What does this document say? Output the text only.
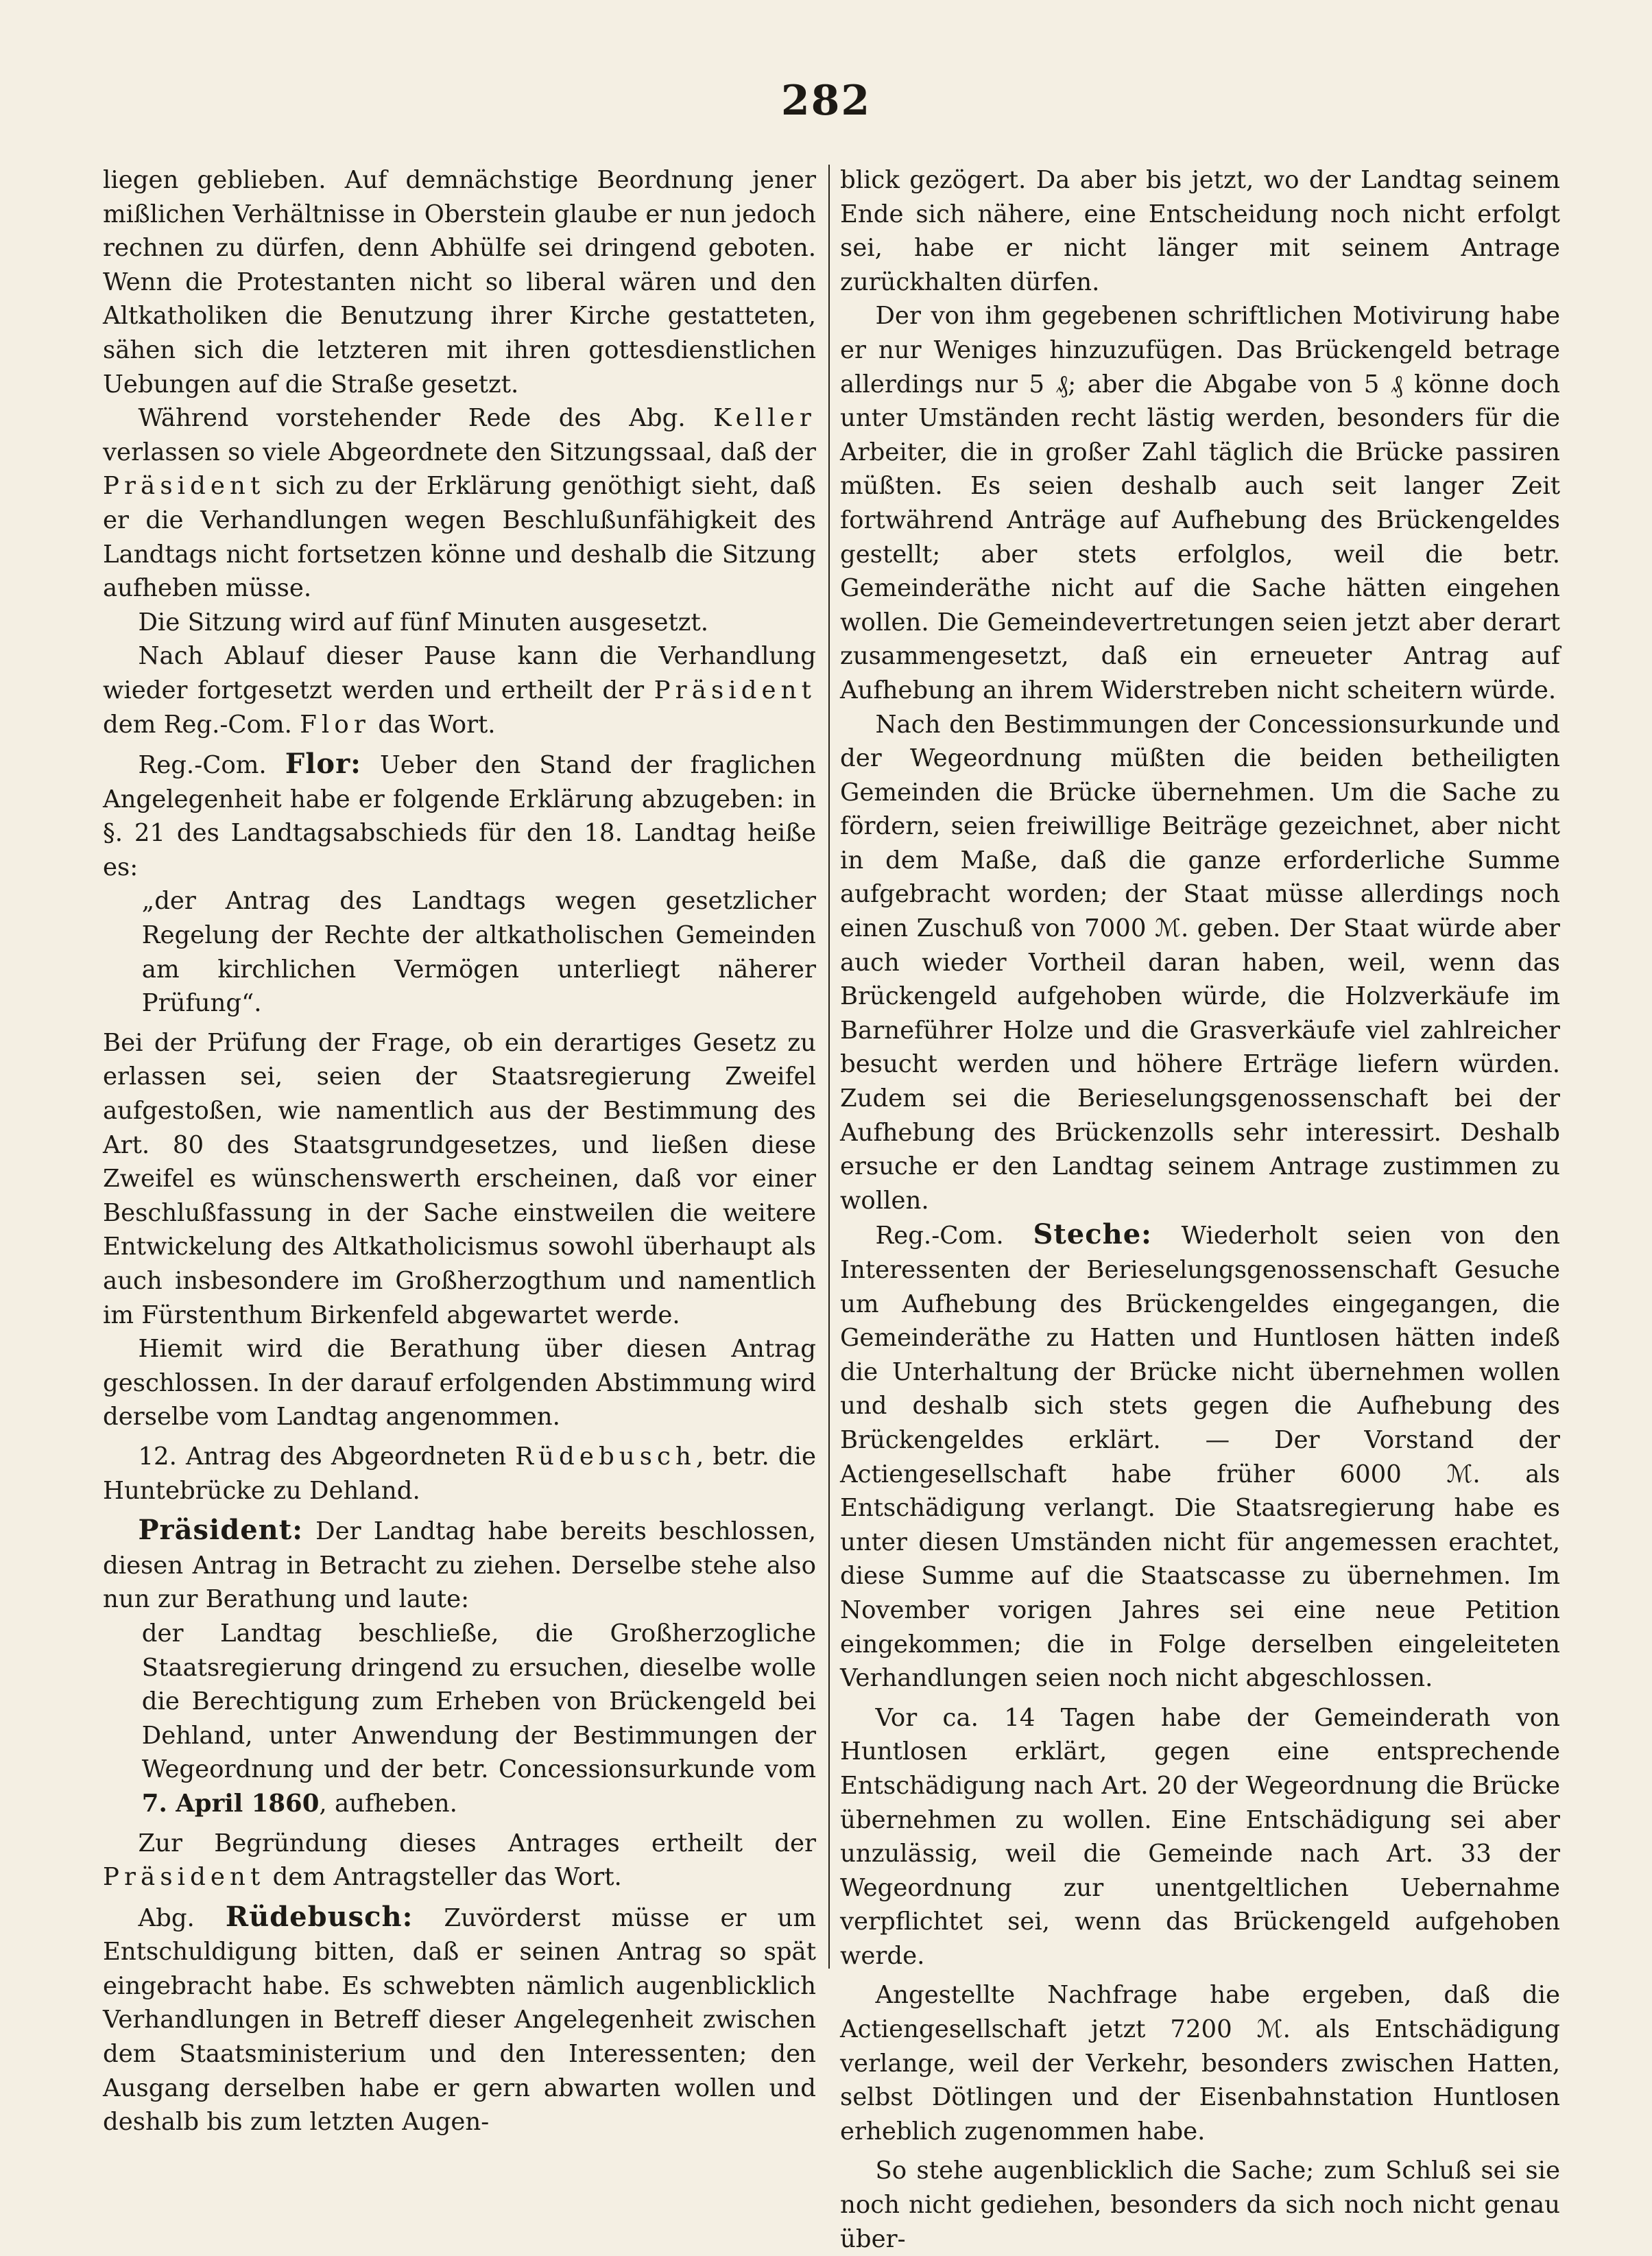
282

liegen geblieben. Auf demnächstige Beordnung jener mißlichen Verhältnisse in Oberstein glaube er nun jedoch rechnen zu dürfen, denn Abhülfe sei dringend geboten. Wenn die Protestanten nicht so liberal wären und den Altkatholiken die Benutzung ihrer Kirche gestatteten, sähen sich die letzteren mit ihren gottesdienstlichen Uebungen auf die Straße gesetzt.

Während vorstehender Rede des Abg. Keller verlassen so viele Abgeordnete den Sitzungssaal, daß der Präsident sich zu der Erklärung genöthigt sieht, daß er die Verhandlungen wegen Beschlußunfähigkeit des Landtags nicht fortsetzen könne und deshalb die Sitzung aufheben müsse.

Die Sitzung wird auf fünf Minuten ausgesetzt.

Nach Ablauf dieser Pause kann die Verhandlung wieder fortgesetzt werden und ertheilt der Präsident dem Reg.-Com. Flor das Wort.

Reg.-Com. Flor: Ueber den Stand der fraglichen Angelegenheit habe er folgende Erklärung abzugeben: in §. 21 des Landtagsabschieds für den 18. Landtag heiße es:

„der Antrag des Landtags wegen gesetzlicher Regelung der Rechte der altkatholischen Gemeinden am kirchlichen Vermögen unterliegt näherer Prüfung“.

Bei der Prüfung der Frage, ob ein derartiges Gesetz zu erlassen sei, seien der Staatsregierung Zweifel aufgestoßen, wie namentlich aus der Bestimmung des Art. 80 des Staatsgrundgesetzes, und ließen diese Zweifel es wünschenswerth erscheinen, daß vor einer Beschlußfassung in der Sache einstweilen die weitere Entwickelung des Altkatholicismus sowohl überhaupt als auch insbesondere im Großherzogthum und namentlich im Fürstenthum Birkenfeld abgewartet werde.

Hiemit wird die Berathung über diesen Antrag geschlossen. In der darauf erfolgenden Abstimmung wird derselbe vom Landtag angenommen.

12. Antrag des Abgeordneten Rüdebusch, betr. die Huntebrücke zu Dehland.

Präsident: Der Landtag habe bereits beschlossen, diesen Antrag in Betracht zu ziehen. Derselbe stehe also nun zur Berathung und laute:

der Landtag beschließe, die Großherzogliche Staatsregierung dringend zu ersuchen, dieselbe wolle die Berechtigung zum Erheben von Brückengeld bei Dehland, unter Anwendung der Bestimmungen der Wegeordnung und der betr. Concessionsurkunde vom 7. April 1860, aufheben.

Zur Begründung dieses Antrages ertheilt der Präsident dem Antragsteller das Wort.

Abg. Rüdebusch: Zuvörderst müsse er um Entschuldigung bitten, daß er seinen Antrag so spät eingebracht habe. Es schwebten nämlich augenblicklich Verhandlungen in Betreff dieser Angelegenheit zwischen dem Staatsministerium und den Interessenten; den Ausgang derselben habe er gern abwarten wollen und deshalb bis zum letzten Augen-

blick gezögert. Da aber bis jetzt, wo der Landtag seinem Ende sich nähere, eine Entscheidung noch nicht erfolgt sei, habe er nicht länger mit seinem Antrage zurückhalten dürfen.

Der von ihm gegebenen schriftlichen Motivirung habe er nur Weniges hinzuzufügen. Das Brückengeld betrage allerdings nur 5 ₰; aber die Abgabe von 5 ₰ könne doch unter Umständen recht lästig werden, besonders für die Arbeiter, die in großer Zahl täglich die Brücke passiren müßten. Es seien deshalb auch seit langer Zeit fortwährend Anträge auf Aufhebung des Brückengeldes gestellt; aber stets erfolglos, weil die betr. Gemeinderäthe nicht auf die Sache hätten eingehen wollen. Die Gemeindevertretungen seien jetzt aber derart zusammengesetzt, daß ein erneueter Antrag auf Aufhebung an ihrem Widerstreben nicht scheitern würde.

Nach den Bestimmungen der Concessionsurkunde und der Wegeordnung müßten die beiden betheiligten Gemeinden die Brücke übernehmen. Um die Sache zu fördern, seien freiwillige Beiträge gezeichnet, aber nicht in dem Maße, daß die ganze erforderliche Summe aufgebracht worden; der Staat müsse allerdings noch einen Zuschuß von 7000 ℳ. geben. Der Staat würde aber auch wieder Vortheil daran haben, weil, wenn das Brückengeld aufgehoben würde, die Holzverkäufe im Barneführer Holze und die Grasverkäufe viel zahlreicher besucht werden und höhere Erträge liefern würden. Zudem sei die Berieselungsgenossenschaft bei der Aufhebung des Brückenzolls sehr interessirt. Deshalb ersuche er den Landtag seinem Antrage zustimmen zu wollen.

Reg.-Com. Steche: Wiederholt seien von den Interessenten der Berieselungsgenossenschaft Gesuche um Aufhebung des Brückengeldes eingegangen, die Gemeinderäthe zu Hatten und Huntlosen hätten indeß die Unterhaltung der Brücke nicht übernehmen wollen und deshalb sich stets gegen die Aufhebung des Brückengeldes erklärt. — Der Vorstand der Actiengesellschaft habe früher 6000 ℳ. als Entschädigung verlangt. Die Staatsregierung habe es unter diesen Umständen nicht für angemessen erachtet, diese Summe auf die Staatscasse zu übernehmen. Im November vorigen Jahres sei eine neue Petition eingekommen; die in Folge derselben eingeleiteten Verhandlungen seien noch nicht abgeschlossen.

Vor ca. 14 Tagen habe der Gemeinderath von Huntlosen erklärt, gegen eine entsprechende Entschädigung nach Art. 20 der Wegeordnung die Brücke übernehmen zu wollen. Eine Entschädigung sei aber unzulässig, weil die Gemeinde nach Art. 33 der Wegeordnung zur unentgeltlichen Uebernahme verpflichtet sei, wenn das Brückengeld aufgehoben werde.

Angestellte Nachfrage habe ergeben, daß die Actiengesellschaft jetzt 7200 ℳ. als Entschädigung verlange, weil der Verkehr, besonders zwischen Hatten, selbst Dötlingen und der Eisenbahnstation Huntlosen erheblich zugenommen habe.

So stehe augenblicklich die Sache; zum Schluß sei sie noch nicht gediehen, besonders da sich noch nicht genau über-
